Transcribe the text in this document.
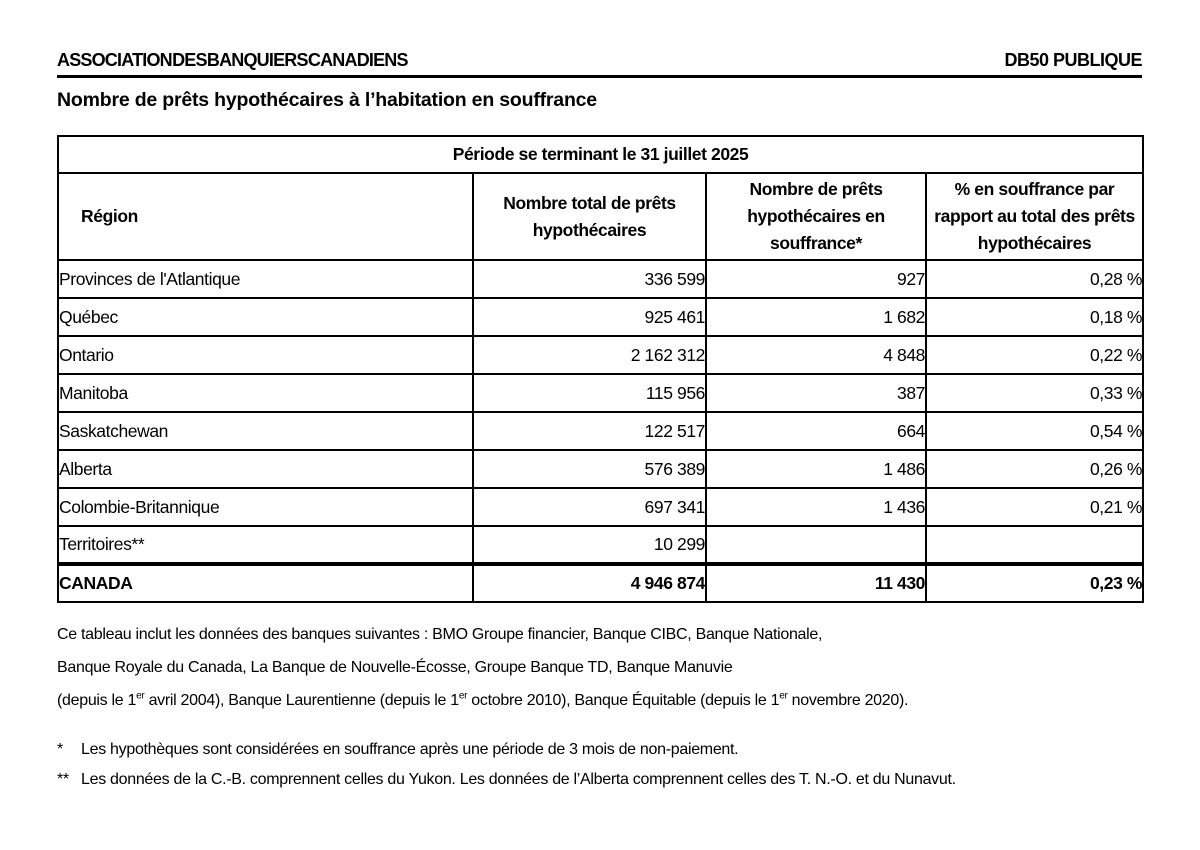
ASSOCIATION DES BANQUIERS CANADIENS	DB50 PUBLIQUE
Nombre de prêts hypothécaires à l’habitation en souffrance
Période se terminant le 31 juillet 2025			
Région	Nombre total de prêts hypothécaires	Nombre de prêts hypothécaires en souffrance*	% en souffrance par rapport au total des prêts hypothécaires
Provinces de l'Atlantique	336 599	927	0,28 %
Québec	925 461	1 682	0,18 %
Ontario	2 162 312	4 848	0,22 %
Manitoba	115 956	387	0,33 %
Saskatchewan	122 517	664	0,54 %
Alberta	576 389	1 486	0,26 %
Colombie-Britannique	697 341	1 436	0,21 %
Territoires**	10 299		
CANADA	4 946 874	11 430	0,23 %
Ce tableau inclut les données des banques suivantes : BMO Groupe financier, Banque CIBC, Banque Nationale,
Banque Royale du Canada, La Banque de Nouvelle-Écosse, Groupe Banque TD, Banque Manuvie
(depuis le 1er avril 2004), Banque Laurentienne (depuis le 1er octobre 2010), Banque Équitable (depuis le 1er novembre 2020).
*	Les hypothèques sont considérées en souffrance après une période de 3 mois de non-paiement.
** Les données de la C.-B. comprennent celles du Yukon. Les données de l’Alberta comprennent celles des T. N.-O. et du Nunavut.
